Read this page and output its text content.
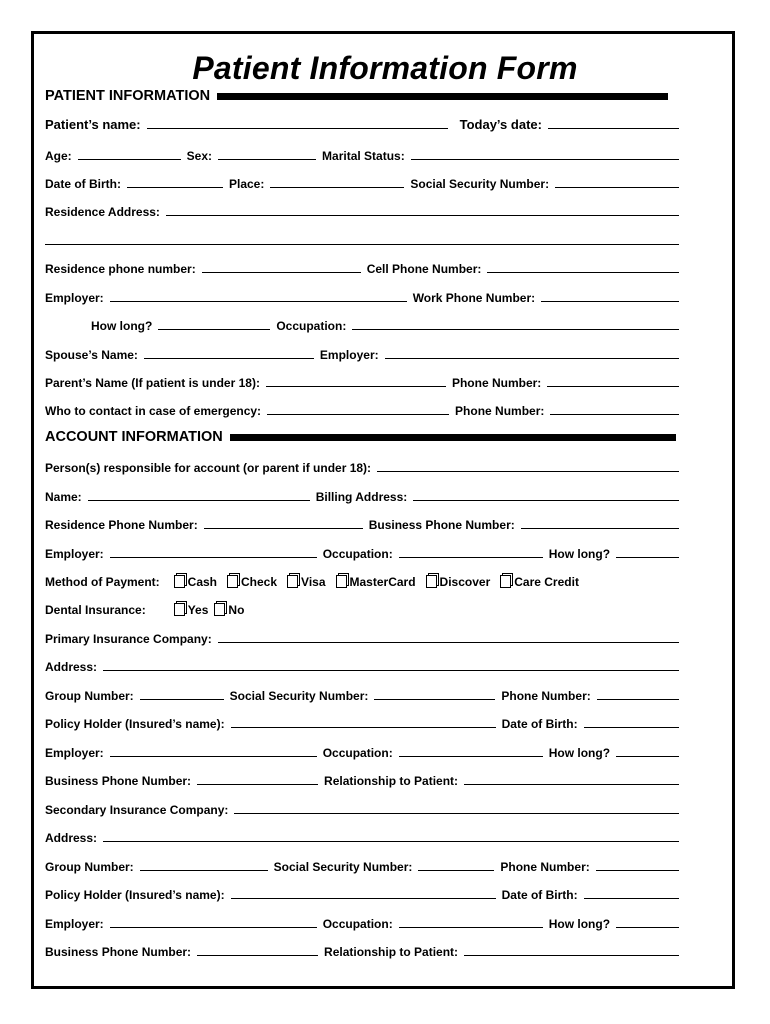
Patient Information Form
PATIENT INFORMATION
Patient’s name:	Today’s date:
Age:	Sex:	Marital Status:
Date of Birth:	Place:	Social Security Number:
Residence Address:
Residence phone number:	Cell Phone Number:
Employer:	Work Phone Number:
How long?	Occupation:
Spouse’s Name:	Employer:
Parent’s Name (If patient is under 18):	Phone Number:
Who to contact in case of emergency:	Phone Number:
ACCOUNT INFORMATION
Person(s) responsible for account (or parent if under 18):
Name:	Billing Address:
Residence Phone Number:	Business Phone Number:
Employer:	Occupation:	How long?
Method of Payment:	Cash Check Visa MasterCard Discover Care Credit
Dental Insurance:	Yes No
Primary Insurance Company:
Address:
Group Number:	Social Security Number:	Phone Number:
Policy Holder (Insured’s name):	Date of Birth:
Employer:	Occupation:	How long?
Business Phone Number:	Relationship to Patient:
Secondary Insurance Company:
Address:
Group Number:	Social Security Number:	Phone Number:
Policy Holder (Insured’s name):	Date of Birth:
Employer:	Occupation:	How long?
Business Phone Number:	Relationship to Patient:
